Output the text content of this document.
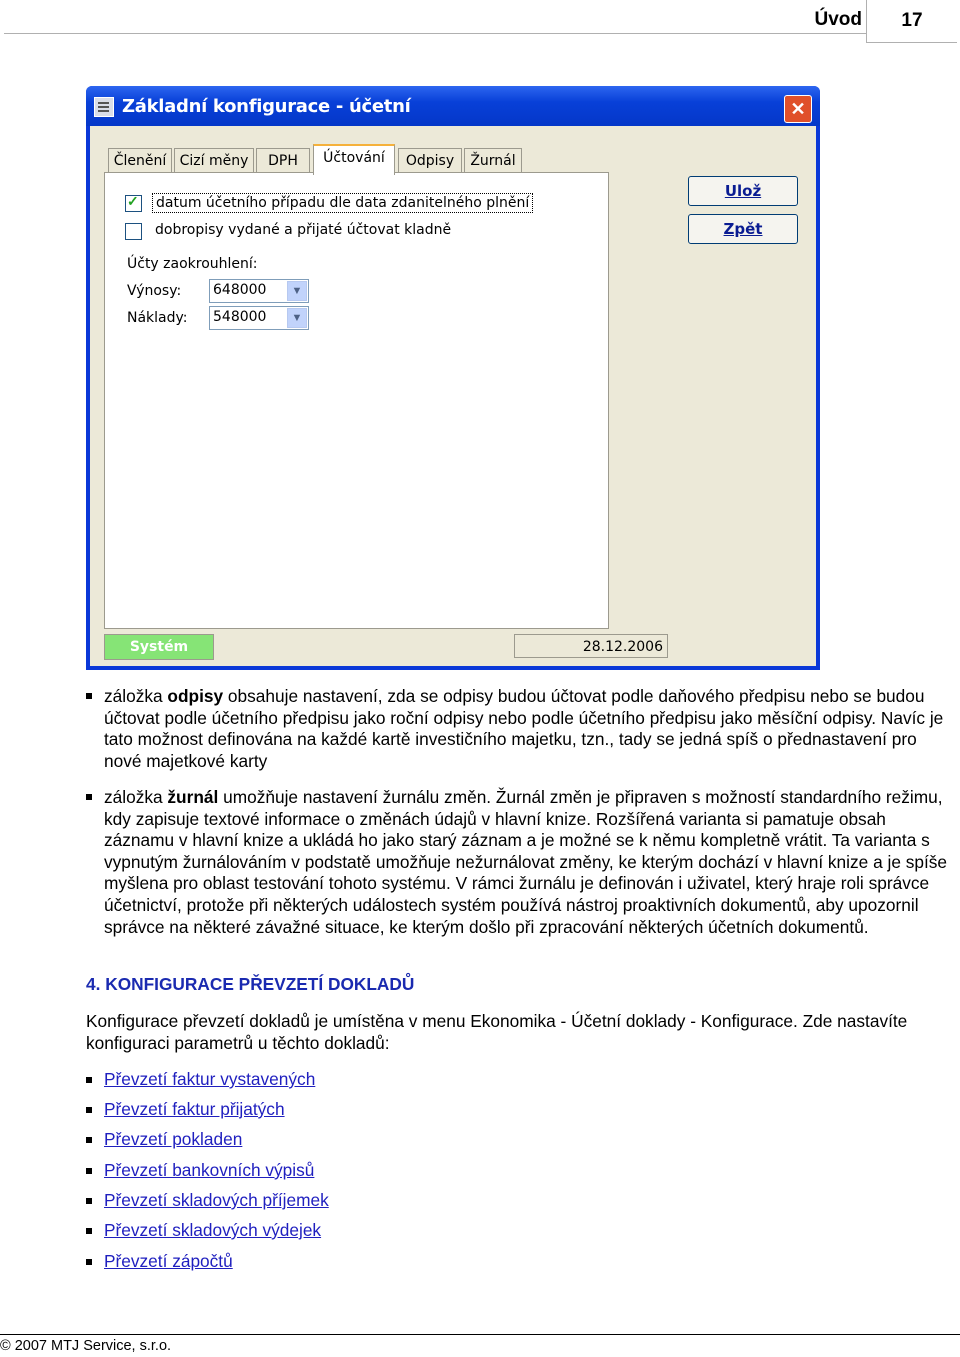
Úvod	17
Základní konfigurace - účetní	✕
Členění Cizí měny	DPH	Účtování	Odpisy	Žurnál
✓
datum účetního případu dle data zdanitelného plnění
dobropisy vydané a přijaté účtovat kladně
Účty zaokrouhlení:
Výnosy: 648000	▼
Náklady: 548000	▼
Ulož
Zpět
Systém	28.12.2006
záložka odpisy obsahuje nastavení, zda se odpisy budou účtovat podle daňového předpisu nebo se budou účtovat podle účetního předpisu jako roční odpisy nebo podle účetního předpisu jako měsíční odpisy. Navíc je tato možnost definována na každé kartě investičního majetku, tzn., tady se jedná spíš o přednastavení pro nové majetkové karty
záložka žurnál umožňuje nastavení žurnálu změn. Žurnál změn je připraven s možností standardního režimu, kdy zapisuje textové informace o změnách údajů v hlavní knize. Rozšířená varianta si pamatuje obsah záznamu v hlavní knize a ukládá ho jako starý záznam a je možné se k němu kompletně vrátit. Ta varianta s vypnutým žurnálováním v podstatě umožňuje nežurnálovat změny, ke kterým dochází v hlavní knize a je spíše myšlena pro oblast testování tohoto systému. V rámci žurnálu je definován i uživatel, který hraje roli správce účetnictví, protože při některých událostech systém používá nástroj proaktivních dokumentů, aby upozornil správce na některé závažné situace, ke kterým došlo při zpracování některých účetních dokumentů.
4. KONFIGURACE PŘEVZETÍ DOKLADŮ
Konfigurace převzetí dokladů je umístěna v menu Ekonomika - Účetní doklady - Konfigurace. Zde nastavíte konfiguraci parametrů u těchto dokladů:
Převzetí faktur vystavených
Převzetí faktur přijatých
Převzetí pokladen
Převzetí bankovních výpisů
Převzetí skladových příjemek
Převzetí skladových výdejek
Převzetí zápočtů
© 2007 MTJ Service, s.r.o.
